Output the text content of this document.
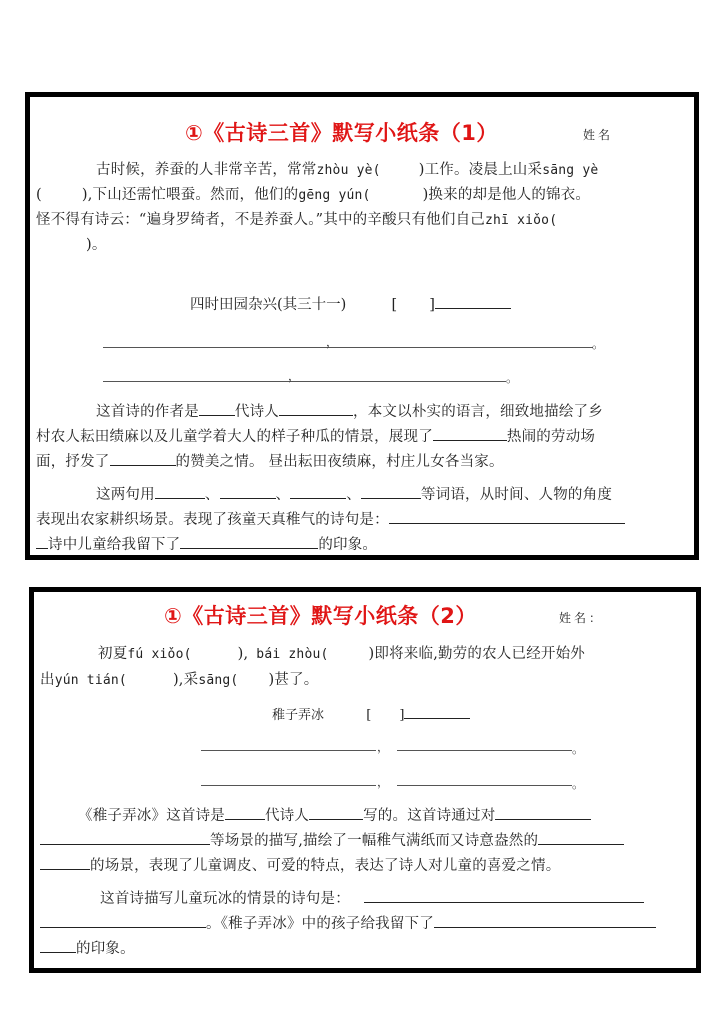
①《古诗三首》默写小纸条（1）	姓名
古时候，养蚕的人非常辛苦，常常zhòu yè(	)工作。凌晨上山采sāng yè
(	),下山还需忙喂蚕。然而，他们的gēng yún(	)换来的却是他人的锦衣。
怪不得有诗云：“遍身罗绮者，不是养蚕人。”其中的辛酸只有他们自己zhī xiǒo(
)。
四时田园杂兴(其三十一)	[ ]
，	。
，	。
这首诗的作者是 代诗人	，本文以朴实的语言，细致地描绘了乡
村农人耘田绩麻以及儿童学着大人的样子种瓜的情景，展现了	热闹的劳动场
面，抒发了	的赞美之情。 昼出耘田夜绩麻，村庄儿女各当家。
这两句用	、	、	、	等词语，从时间、人物的角度
表现出农家耕织场景。表现了孩童天真稚气的诗句是：
诗中儿童给我留下了	的印象。
①《古诗三首》默写小纸条（2）	姓名：
初夏fú xiǒo(	), bái zhòu(	)即将来临,勤劳的农人已经开始外
出yún tián(	),采sāng( )甚了。
稚子弄冰	[ ]
，	。
，	。
《稚子弄冰》这首诗是	代诗人	写的。这首诗通过对
等场景的描写,描绘了一幅稚气满纸而又诗意盎然的
的场景，表现了儿童调皮、可爱的特点，表达了诗人对儿童的喜爱之情。
这首诗描写儿童玩冰的情景的诗句是：
。《稚子弄冰》中的孩子给我留下了
的印象。
